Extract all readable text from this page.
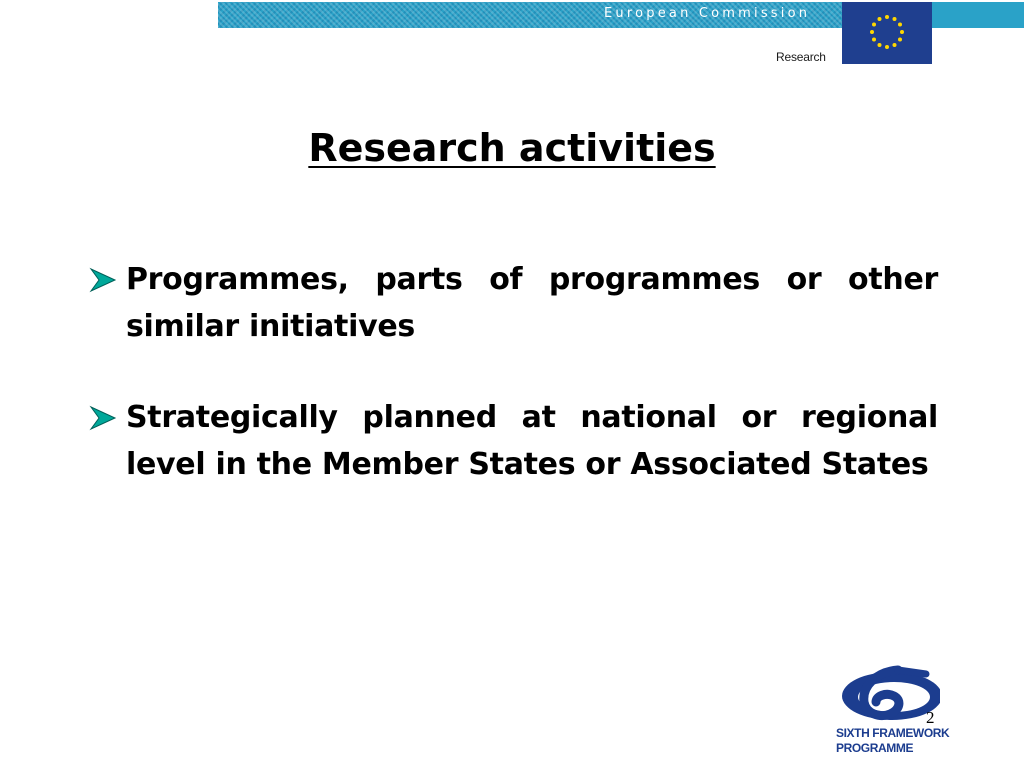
European Commission
Research
Research activities
Programmes, parts of programmes or other similar initiatives
Strategically planned at national or regional level in the Member States or Associated States
2
SIXTH FRAMEWORK
PROGRAMME
